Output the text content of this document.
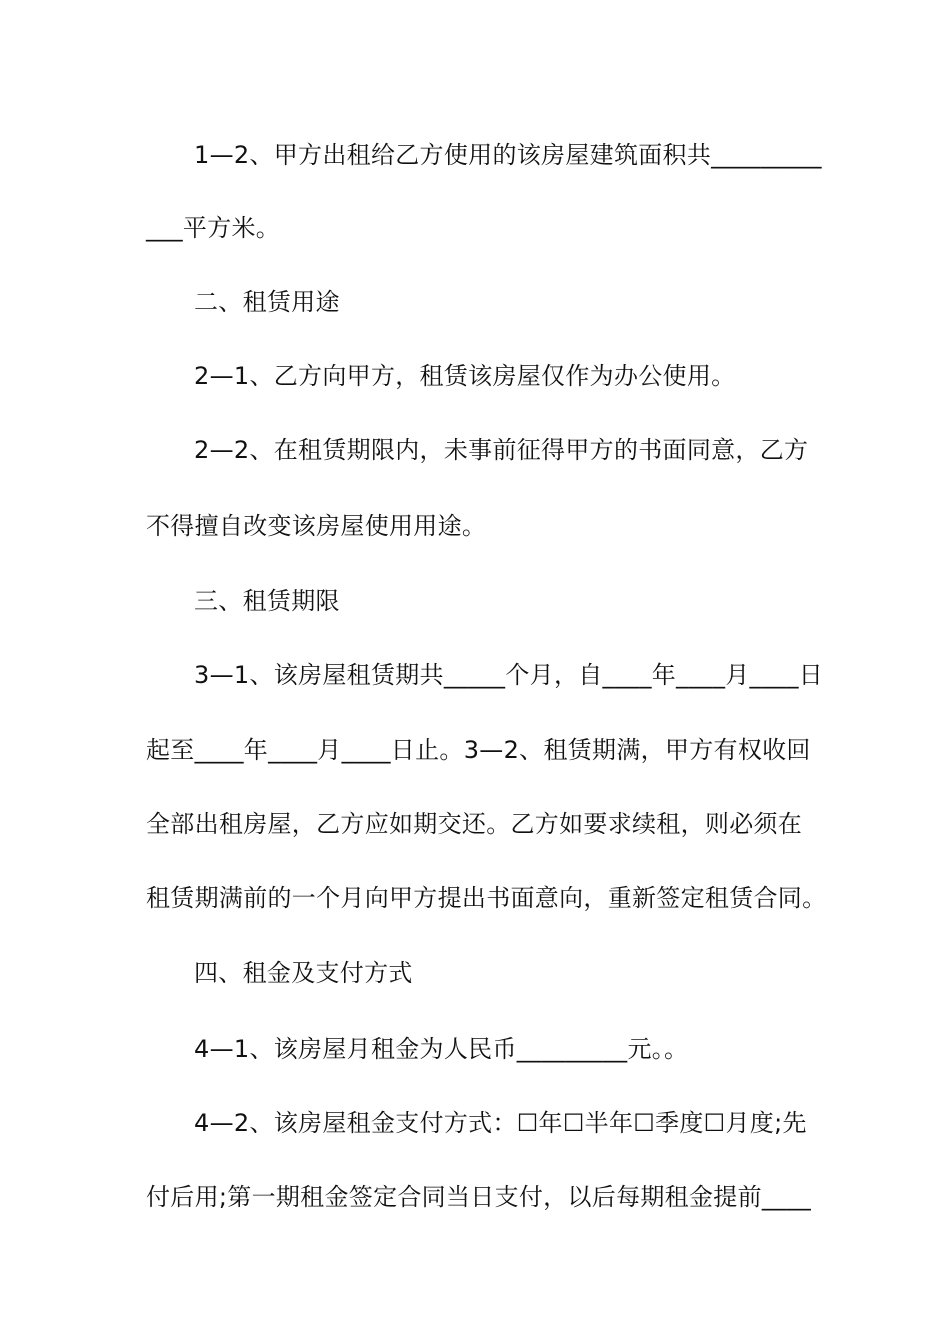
1—2、甲方出租给乙方使用的该房屋建筑面积共_________
___平方米。
二、租赁用途
2—1、乙方向甲方，租赁该房屋仅作为办公使用。
2—2、在租赁期限内，未事前征得甲方的书面同意，乙方
不得擅自改变该房屋使用用途。
三、租赁期限
3—1、该房屋租赁期共_____个月，自____年____月____日
起至____年____月____日止。3—2、租赁期满，甲方有权收回
全部出租房屋，乙方应如期交还。乙方如要求续租，则必须在
租赁期满前的一个月向甲方提出书面意向，重新签定租赁合同。
四、租金及支付方式
4—1、该房屋月租金为人民币_________元。。
4—2、该房屋租金支付方式：☐年☐半年☐季度☐月度;先
付后用;第一期租金签定合同当日支付，以后每期租金提前____
